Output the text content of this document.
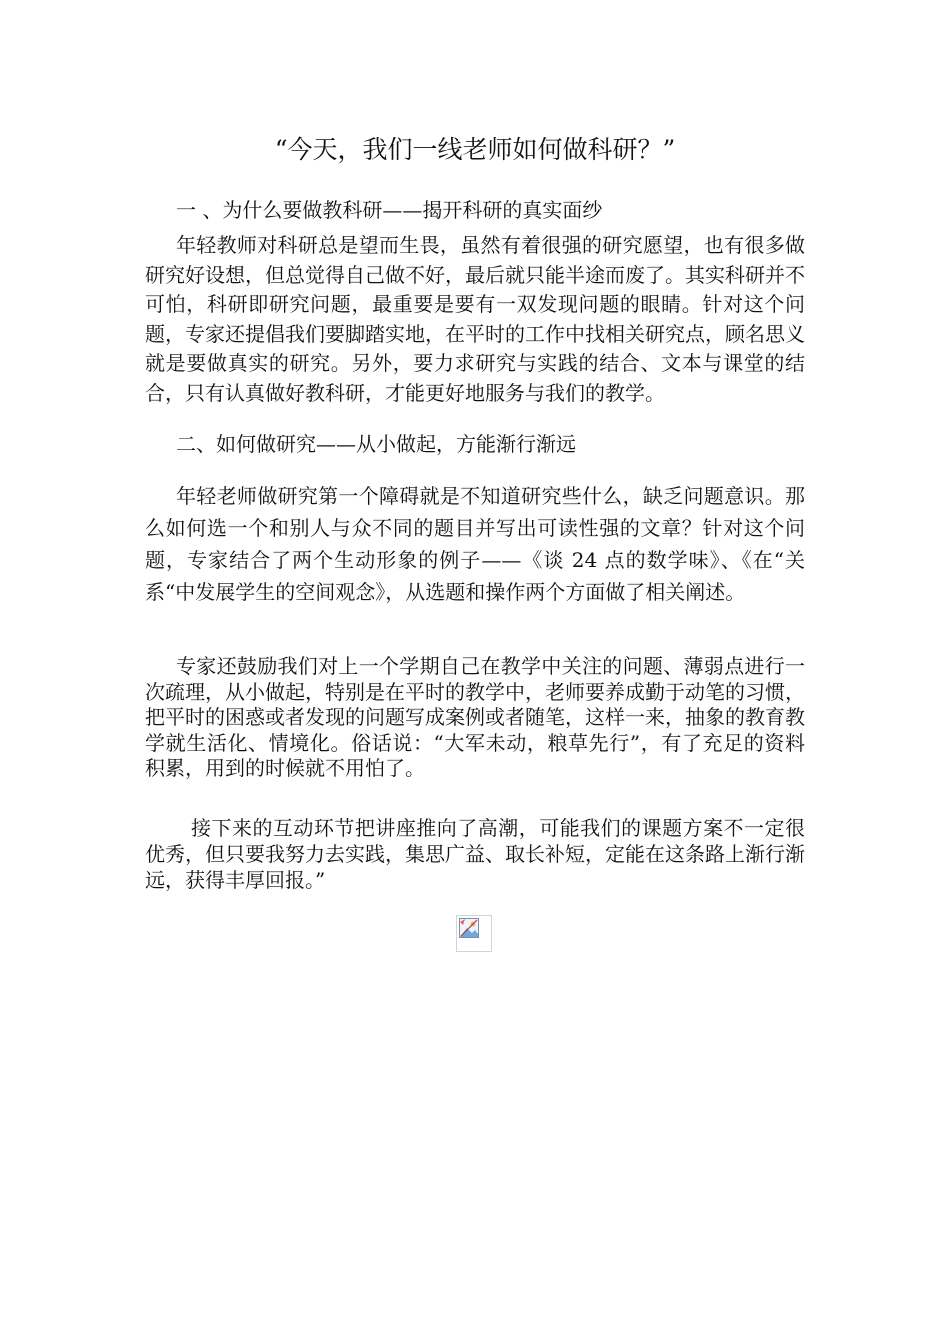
“今天，我们一线老师如何做科研？”
一 、为什么要做教科研——揭开科研的真实面纱

年轻教师对科研总是望而生畏，虽然有着很强的研究愿望，也有很多做研究好设想，但总觉得自己做不好，最后就只能半途而废了。其实科研并不可怕，科研即研究问题，最重要是要有一双发现问题的眼睛。针对这个问题，专家还提倡我们要脚踏实地，在平时的工作中找相关研究点，顾名思义就是要做真实的研究。另外，要力求研究与实践的结合、文本与课堂的结合，只有认真做好教科研，才能更好地服务与我们的教学。

二、如何做研究——从小做起，方能渐行渐远

年轻老师做研究第一个障碍就是不知道研究些什么，缺乏问题意识。那么如何选一个和别人与众不同的题目并写出可读性强的文章？针对这个问题，专家结合了两个生动形象的例子——《谈 24 点的数学味》、《在“关系“中发展学生的空间观念》，从选题和操作两个方面做了相关阐述。

专家还鼓励我们对上一个学期自己在教学中关注的问题、薄弱点进行一次疏理，从小做起，特别是在平时的教学中，老师要养成勤于动笔的习惯，把平时的困惑或者发现的问题写成案例或者随笔，这样一来，抽象的教育教学就生活化、情境化。俗话说：“大军未动，粮草先行”，有了充足的资料积累，用到的时候就不用怕了。

接下来的互动环节把讲座推向了高潮，可能我们的课题方案不一定很优秀，但只要我努力去实践，集思广益、取长补短，定能在这条路上渐行渐远，获得丰厚回报。”
